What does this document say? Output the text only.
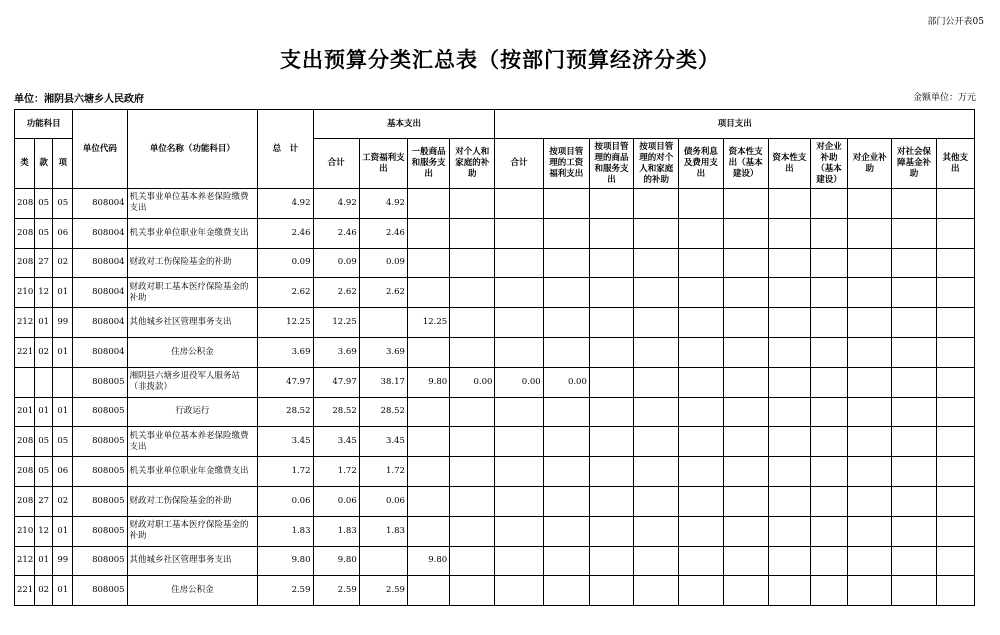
部门公开表05
支出预算分类汇总表（按部门预算经济分类）
单位：湘阴县六塘乡人民政府	金额单位：万元
功能科目			单位代码	单位名称（功能科目）	总　计	基本支出				项目支出										
类	款	项				合计	工资福利支出	一般商品和服务支出	对个人和家庭的补助	合计	按项目管理的工资福利支出	按项目管理的商品和服务支出	按项目管理的对个人和家庭的补助	债务利息及费用支出	资本性支出（基本建设）	资本性支出	对企业补助（基本建设）	对企业补助	对社会保障基金补助	其他支出
208	05	05	808004	机关事业单位基本养老保险缴费支出	4.92	4.92	4.92													
208	05	06	808004	机关事业单位职业年金缴费支出	2.46	2.46	2.46													
208	27	02	808004	财政对工伤保险基金的补助	0.09	0.09	0.09													
210	12	01	808004	财政对职工基本医疗保险基金的补助	2.62	2.62	2.62													
212	01	99	808004	其他城乡社区管理事务支出	12.25	12.25		12.25												
221	02	01	808004	住房公积金	3.69	3.69	3.69													
			808005	湘阴县六塘乡退役军人服务站（非拨款）	47.97	47.97	38.17	9.80	0.00	0.00	0.00									
201	01	01	808005	行政运行	28.52	28.52	28.52													
208	05	05	808005	机关事业单位基本养老保险缴费支出	3.45	3.45	3.45													
208	05	06	808005	机关事业单位职业年金缴费支出	1.72	1.72	1.72													
208	27	02	808005	财政对工伤保险基金的补助	0.06	0.06	0.06													
210	12	01	808005	财政对职工基本医疗保险基金的补助	1.83	1.83	1.83													
212	01	99	808005	其他城乡社区管理事务支出	9.80	9.80		9.80												
221	02	01	808005	住房公积金	2.59	2.59	2.59													
